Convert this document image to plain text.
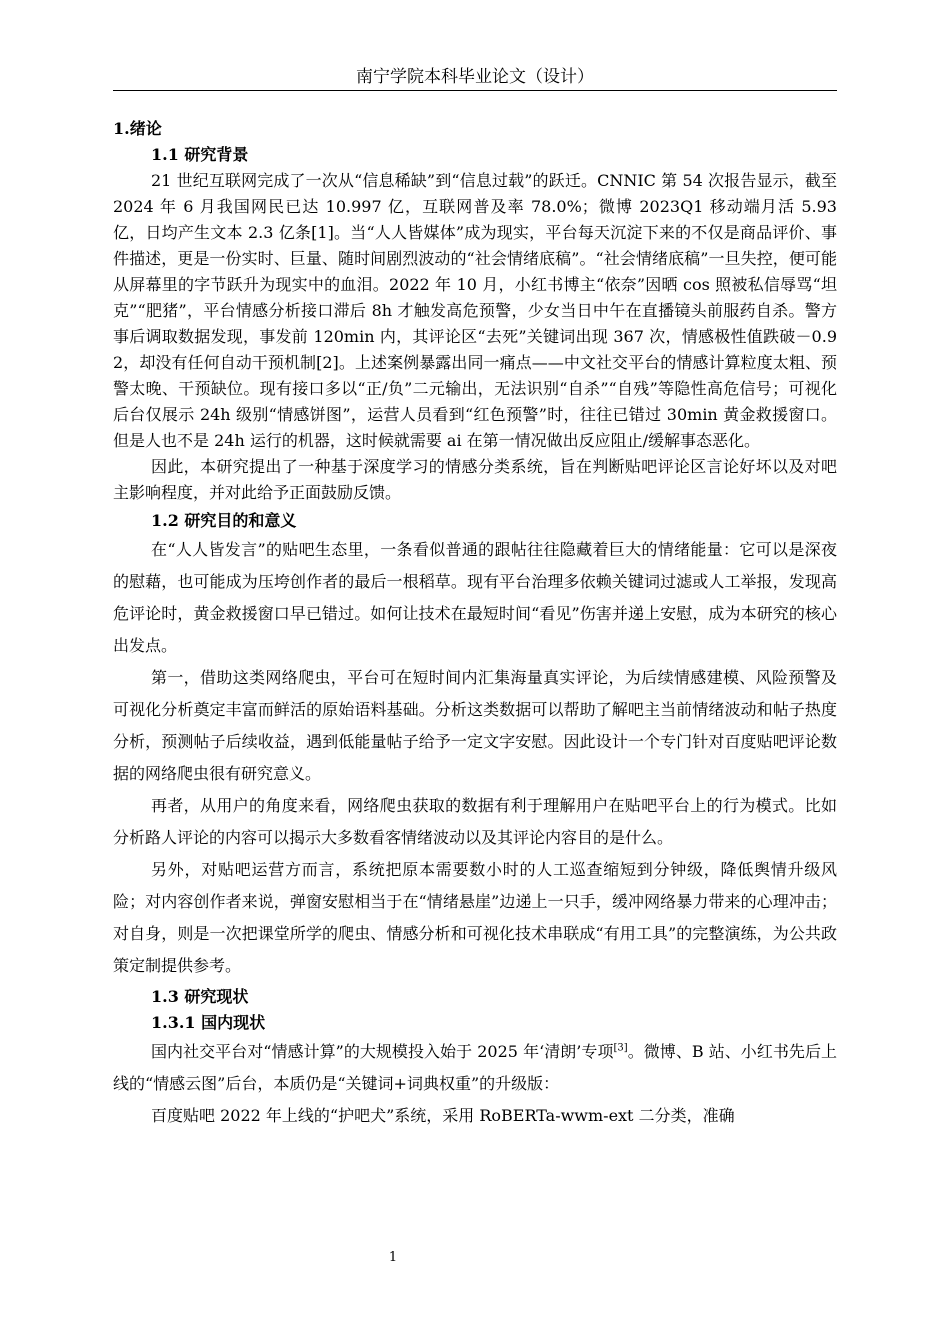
南宁学院本科毕业论文（设计）
1.绪论
1.1 研究背景

21 世纪互联网完成了一次从“信息稀缺”到“信息过载”的跃迁。CNNIC 第 54 次报告显示，截至 2024 年 6 月我国网民已达 10.997 亿，互联网普及率 78.0%；微博 2023Q1 移动端月活 5.93 亿，日均产生文本 2.3 亿条[1]。当“人人皆媒体”成为现实，平台每天沉淀下来的不仅是商品评价、事件描述，更是一份实时、巨量、随时间剧烈波动的“社会情绪底稿”。“社会情绪底稿”一旦失控，便可能从屏幕里的字节跃升为现实中的血泪。2022 年 10 月，小红书博主“依奈”因晒 cos 照被私信辱骂“坦克”“肥猪”，平台情感分析接口滞后 8h 才触发高危预警，少女当日中午在直播镜头前服药自杀。警方事后调取数据发现，事发前 120min 内，其评论区“去死”关键词出现 367 次，情感极性值跌破－0.92，却没有任何自动干预机制[2]。上述案例暴露出同一痛点——中文社交平台的情感计算粒度太粗、预警太晚、干预缺位。现有接口多以“正/负”二元输出，无法识别“自杀”“自残”等隐性高危信号；可视化后台仅展示 24h 级别“情感饼图”，运营人员看到“红色预警”时，往往已错过 30min 黄金救援窗口。但是人也不是 24h 运行的机器，这时候就需要 ai 在第一情况做出反应阻止/缓解事态恶化。

因此，本研究提出了一种基于深度学习的情感分类系统，旨在判断贴吧评论区言论好坏以及对吧主影响程度，并对此给予正面鼓励反馈。

1.2 研究目的和意义

在“人人皆发言”的贴吧生态里，一条看似普通的跟帖往往隐藏着巨大的情绪能量：它可以是深夜的慰藉，也可能成为压垮创作者的最后一根稻草。现有平台治理多依赖关键词过滤或人工举报，发现高危评论时，黄金救援窗口早已错过。如何让技术在最短时间“看见”伤害并递上安慰，成为本研究的核心出发点。

第一，借助这类网络爬虫，平台可在短时间内汇集海量真实评论，为后续情感建模、风险预警及可视化分析奠定丰富而鲜活的原始语料基础。分析这类数据可以帮助了解吧主当前情绪波动和帖子热度分析，预测帖子后续收益，遇到低能量帖子给予一定文字安慰。因此设计一个专门针对百度贴吧评论数据的网络爬虫很有研究意义。

再者，从用户的角度来看，网络爬虫获取的数据有利于理解用户在贴吧平台上的行为模式。比如分析路人评论的内容可以揭示大多数看客情绪波动以及其评论内容目的是什么。

另外，对贴吧运营方而言，系统把原本需要数小时的人工巡查缩短到分钟级，降低舆情升级风险；对内容创作者来说，弹窗安慰相当于在“情绪悬崖”边递上一只手，缓冲网络暴力带来的心理冲击；对自身，则是一次把课堂所学的爬虫、情感分析和可视化技术串联成“有用工具”的完整演练，为公共政策定制提供参考。

1.3 研究现状
1.3.1 国内现状

国内社交平台对“情感计算”的大规模投入始于 2025 年‘清朗’专项[3]。微博、B 站、小红书先后上线的“情感云图”后台，本质仍是“关键词+词典权重”的升级版：

百度贴吧 2022 年上线的“护吧犬”系统，采用 RoBERTa-wwm-ext 二分类，准确

1
